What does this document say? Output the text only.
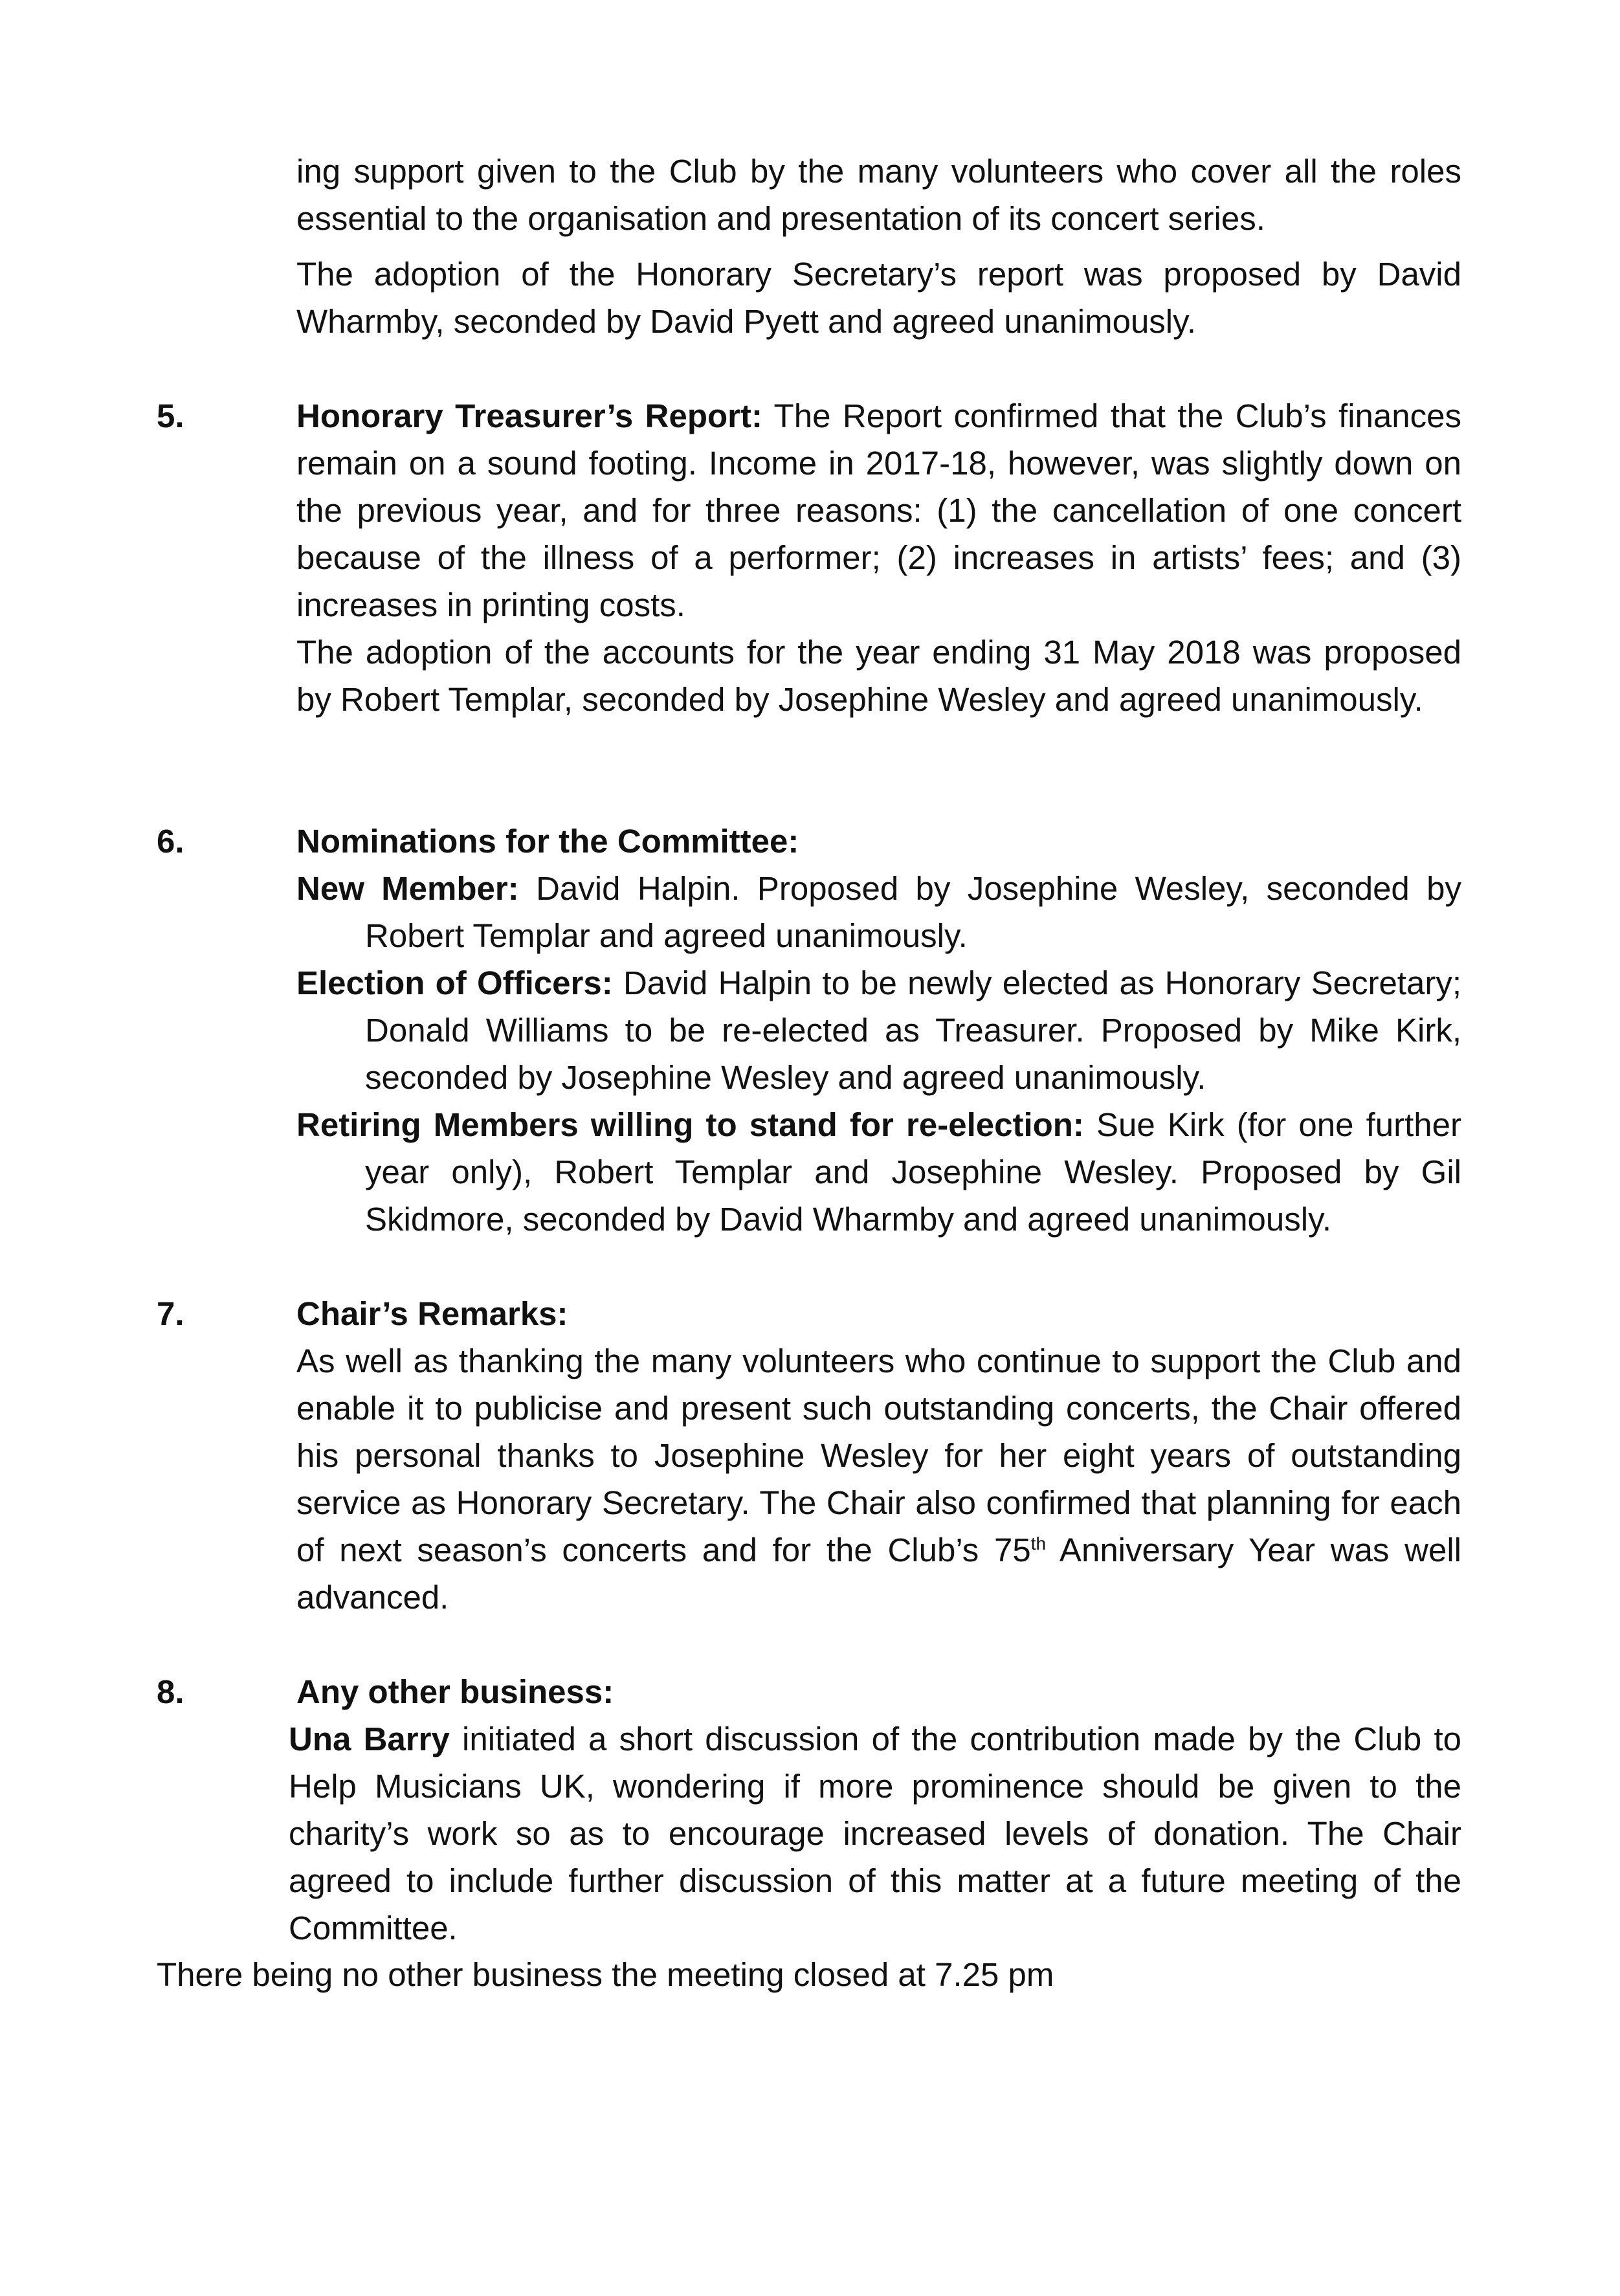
ing support given to the Club by the many volunteers who cover all the roles essential to the organisation and presentation of its concert series.

The adoption of the Honorary Secretary’s report was proposed by David Wharmby, seconded by David Pyett and agreed unanimously.

5.	Honorary Treasurer’s Report: The Report confirmed that the Club’s finances remain on a sound footing. Income in 2017-18, however, was slightly down on the previous year, and for three reasons: (1) the cancellation of one concert because of the illness of a performer; (2) increases in artists’ fees; and (3) increases in printing costs.

The adoption of the accounts for the year ending 31 May 2018 was proposed by Robert Templar, seconded by Josephine Wesley and agreed unanimously.

6.	Nominations for the Committee:

New Member: David Halpin. Proposed by Josephine Wesley, seconded by Robert Templar and agreed unanimously.

Election of Officers: David Halpin to be newly elected as Honorary Secretary; Donald Williams to be re-elected as Treasurer. Proposed by Mike Kirk, seconded by Josephine Wesley and agreed unanimously.

Retiring Members willing to stand for re-election: Sue Kirk (for one further year only), Robert Templar and Josephine Wesley. Proposed by Gil Skidmore, seconded by David Wharmby and agreed unanimously.

7.	Chair’s Remarks:

As well as thanking the many volunteers who continue to support the Club and enable it to publicise and present such outstanding concerts, the Chair offered his personal thanks to Josephine Wesley for her eight years of outstanding service as Honorary Secretary. The Chair also confirmed that planning for each of next season’s concerts and for the Club’s 75th Anniversary Year was well advanced.

8.	Any other business:

Una Barry initiated a short discussion of the contribution made by the Club to Help Musicians UK, wondering if more prominence should be given to the charity’s work so as to encourage increased levels of donation. The Chair agreed to include further discussion of this matter at a future meeting of the Committee.

There being no other business the meeting closed at 7.25 pm
